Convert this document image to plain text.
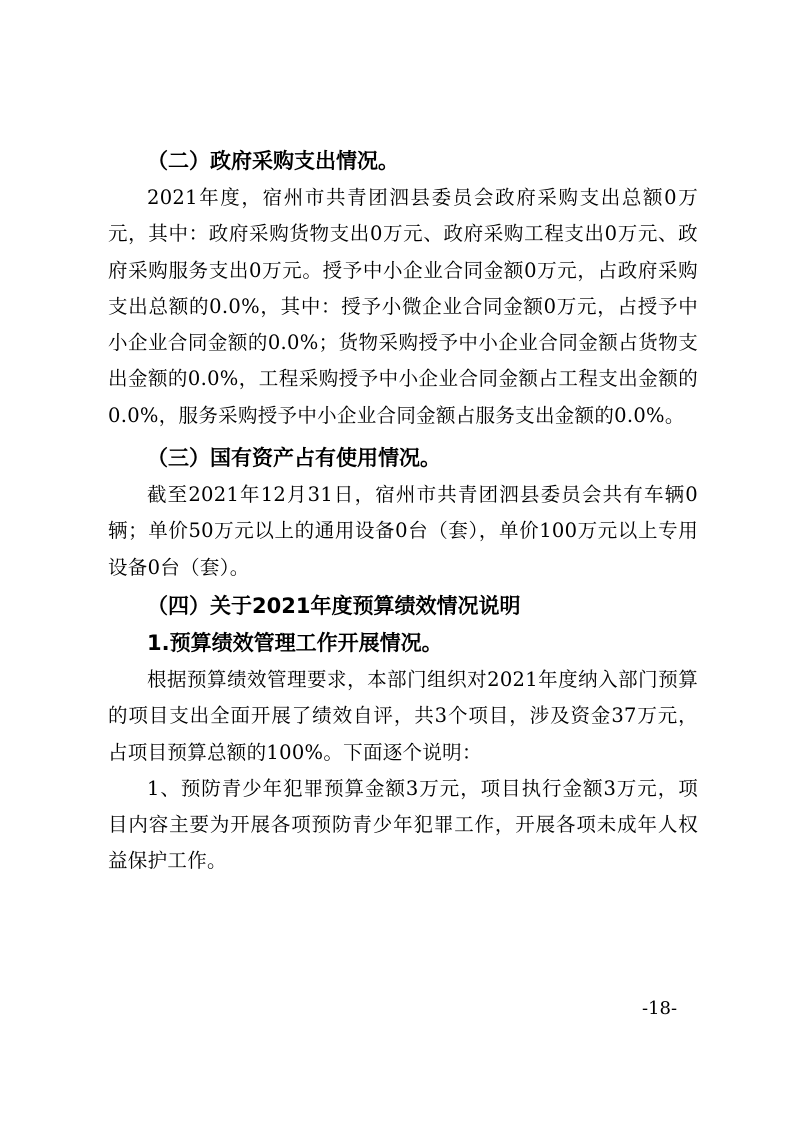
（二）政府采购支出情况。

2021年度，宿州市共青团泗县委员会政府采购支出总额0万元，其中：政府采购货物支出0万元、政府采购工程支出0万元、政府采购服务支出0万元。授予中小企业合同金额0万元，占政府采购支出总额的0.0%，其中：授予小微企业合同金额0万元，占授予中小企业合同金额的0.0%；货物采购授予中小企业合同金额占货物支出金额的0.0%，工程采购授予中小企业合同金额占工程支出金额的0.0%，服务采购授予中小企业合同金额占服务支出金额的0.0%。

（三）国有资产占有使用情况。

截至2021年12月31日，宿州市共青团泗县委员会共有车辆0辆；单价50万元以上的通用设备0台（套），单价100万元以上专用设备0台（套）。

（四）关于2021年度预算绩效情况说明
1.预算绩效管理工作开展情况。

根据预算绩效管理要求，本部门组织对2021年度纳入部门预算的项目支出全面开展了绩效自评，共3个项目，涉及资金37万元，占项目预算总额的100%。下面逐个说明：

1、预防青少年犯罪预算金额3万元，项目执行金额3万元，项目内容主要为开展各项预防青少年犯罪工作，开展各项未成年人权益保护工作。

-18-
